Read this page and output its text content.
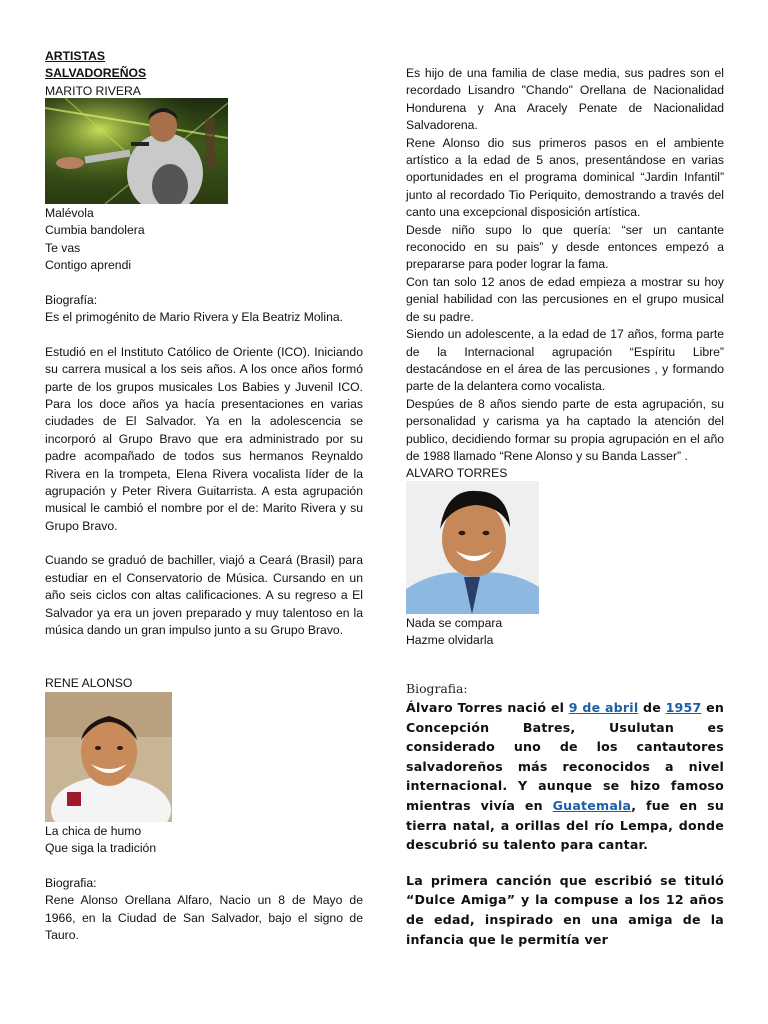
ARTISTAS
SALVADOREÑOS
MARITO RIVERA
Malévola
Cumbia bandolera
Te vas
Contigo aprendi

Biografía:

Es el primogénito de Mario Rivera y Ela Beatriz Molina.

Estudió en el Instituto Católico de Oriente (ICO). Iniciando su carrera musical a los seis años. A los once años formó parte de los grupos musicales Los Babies y Juvenil ICO. Para los doce años ya hacía presentaciones en varias ciudades de El Salvador. Ya en la adolescencia se incorporó al Grupo Bravo que era administrado por su padre acompañado de todos sus hermanos Reynaldo Rivera en la trompeta, Elena Rivera vocalista líder de la agrupación y Peter Rivera Guitarrista. A esta agrupación musical le cambió el nombre por el de: Marito Rivera y su Grupo Bravo.

Cuando se graduó de bachiller, viajó a Ceará (Brasil) para estudiar en el Conservatorio de Música. Cursando en un año seis ciclos con altas calificaciones. A su regreso a El Salvador ya era un joven preparado y muy talentoso en la música dando un gran impulso junto a su Grupo Bravo.

RENE ALONSO
La chica de humo
Que siga la tradición

Biografia:

Rene Alonso Orellana Alfaro, Nacio un 8 de Mayo de 1966, en la Ciudad de San Salvador, bajo el signo de Tauro.

Es hijo de una familia de clase media, sus padres son el recordado Lisandro "Chando" Orellana de Nacionalidad Hondurena y Ana Aracely Penate de Nacionalidad Salvadorena.

Rene Alonso dio sus primeros pasos en el ambiente artístico a la edad de 5 anos, presentándose en varias oportunidades en el programa dominical “Jardin Infantil” junto al recordado Tio Periquito, demostrando a través del canto una excepcional disposición artística.

Desde niño supo lo que quería: “ser un cantante reconocido en su pais” y desde entonces empezó a prepararse para poder lograr la fama.

Con tan solo 12 anos de edad empieza a mostrar su hoy genial habilidad con las percusiones en el grupo musical de su padre.

Siendo un adolescente, a la edad de 17 años, forma parte de la Internacional agrupación “Espíritu Libre” destacándose en el área de las percusiones , y formando parte de la delantera como vocalista.

Despúes de 8 años siendo parte de esta agrupación, su personalidad y carisma ya ha captado la atención del publico, decidiendo formar su propia agrupación en el año de 1988 llamado “Rene Alonso y su Banda Lasser” .

ALVARO TORRES
Nada se compara
Hazme olvidarla
Biografia:

Álvaro Torres nació el 9 de abril de 1957 en Concepción Batres, Usulutan es considerado uno de los cantautores salvadoreños más reconocidos a nivel internacional. Y aunque se hizo famoso mientras vivía en Guatemala, fue en su tierra natal, a orillas del río Lempa, donde descubrió su talento para cantar.

La primera canción que escribió se tituló “Dulce Amiga” y la compuse a los 12 años de edad, inspirado en una amiga de la infancia que le permitía ver
